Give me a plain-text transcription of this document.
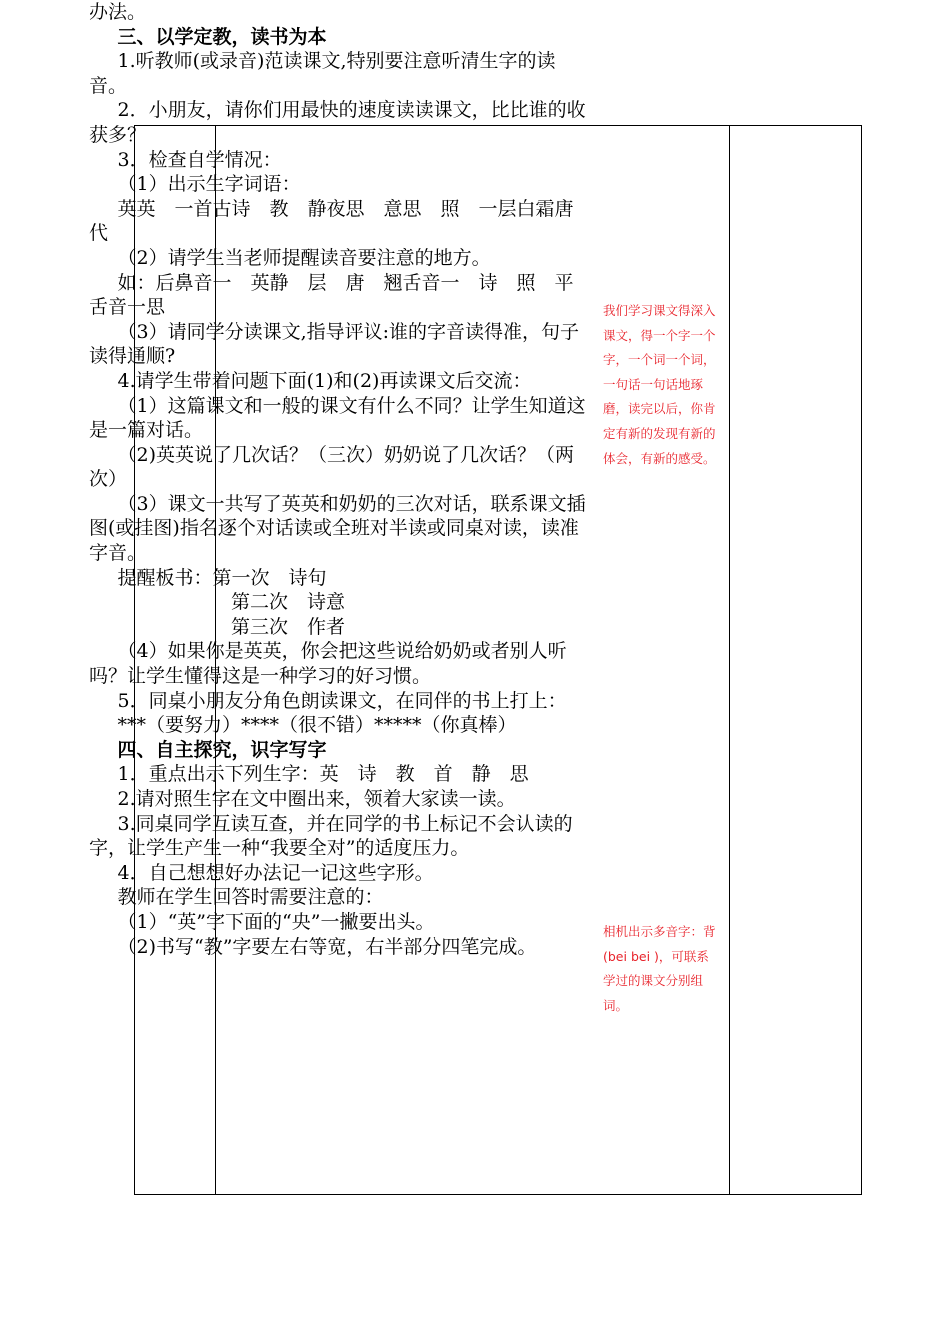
办法。

三、以学定教，读书为本

1.听教师(或录音)范读课文,特别要注意听清生字的读音。

2．小朋友，请你们用最快的速度读读课文，比比谁的收获多？

3．检查自学情况：

（1）出示生字词语：

英英　一首古诗　教　静夜思　意思　照　一层白霜唐代

（2）请学生当老师提醒读音要注意的地方。

如：后鼻音一　英静　层　唐　翘舌音一　诗　照　平舌音一思

（3）请同学分读课文,指导评议:谁的字音读得准，句子读得通顺?

4.请学生带着问题下面(1)和(2)再读课文后交流：

（1）这篇课文和一般的课文有什么不同？让学生知道这是一篇对话。

（2)英英说了几次话？（三次）奶奶说了几次话？（两次）

（3）课文一共写了英英和奶奶的三次对话，联系课文插图(或挂图)指名逐个对话读或全班对半读或同桌对读，读准字音。

提醒板书：第一次　诗句

第二次　诗意

第三次　作者

（4）如果你是英英，你会把这些说给奶奶或者别人听吗？让学生懂得这是一种学习的好习惯。

5．同桌小朋友分角色朗读课文，在同伴的书上打上：

***（要努力）****（很不错）*****（你真棒）

四、自主探究，识字写字

1．重点出示下列生字：英　诗　教　首　静　思

2.请对照生字在文中圈出来，领着大家读一读。

3.同桌同学互读互查，并在同学的书上标记不会认读的字，让学生产生一种“我要全对”的适度压力。

4．自己想想好办法记一记这些字形。

教师在学生回答时需要注意的：

（1）“英”字下面的“央”一撇要出头。

（2)书写“教”字要左右等宽，右半部分四笔完成。

我们学习课文得深入课文，得一个字一个字，一个词一个词，一句话一句话地琢磨，读完以后，你肯定有新的发现有新的体会，有新的感受。

相机出示多音字：背(bei bei )，可联系学过的课文分别组词。
